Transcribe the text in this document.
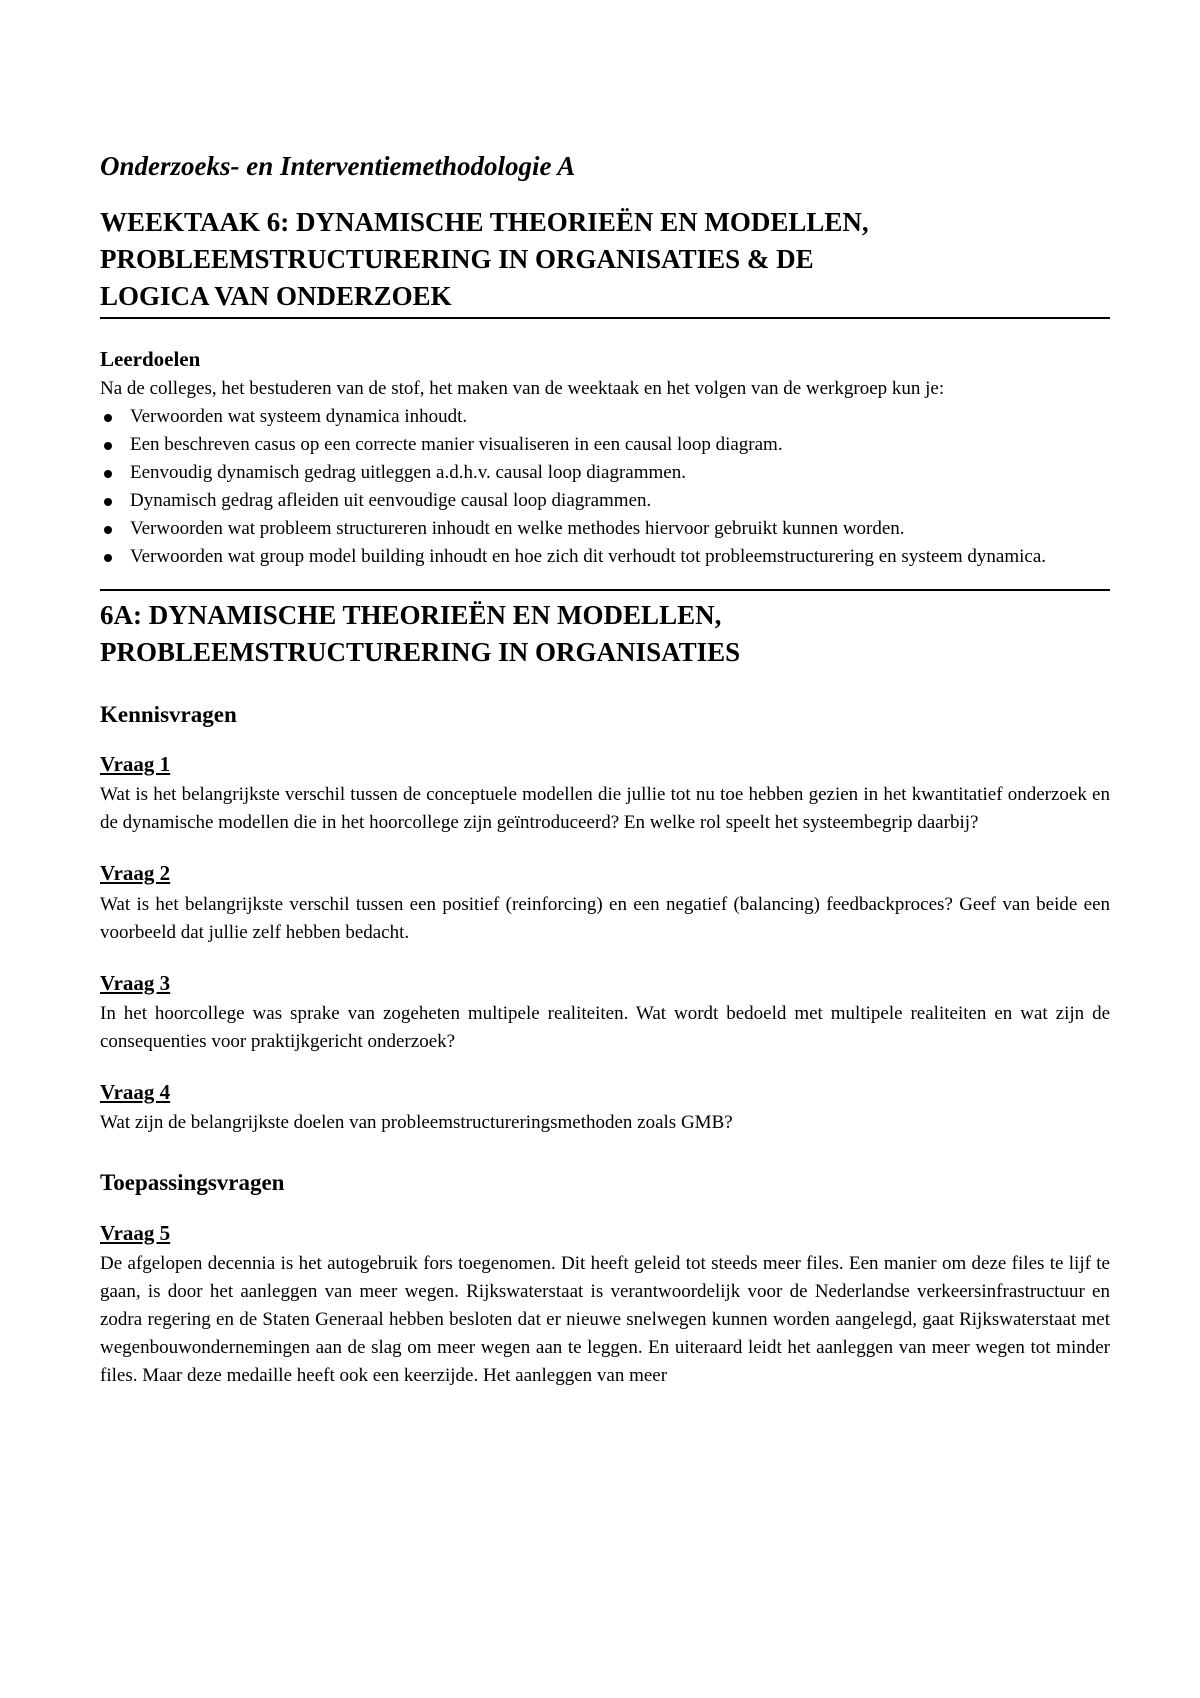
Onderzoeks- en Interventiemethodologie A

WEEKTAAK 6: DYNAMISCHE THEORIEËN EN MODELLEN,

PROBLEEMSTRUCTURERING IN ORGANISATIES & DE

LOGICA VAN ONDERZOEK

Leerdoelen

Na de colleges, het bestuderen van de stof, het maken van de weektaak en het volgen van de werkgroep kun je:

Verwoorden wat systeem dynamica inhoudt.
Een beschreven casus op een correcte manier visualiseren in een causal loop diagram.
Eenvoudig dynamisch gedrag uitleggen a.d.h.v. causal loop diagrammen.
Dynamisch gedrag afleiden uit eenvoudige causal loop diagrammen.
Verwoorden wat probleem structureren inhoudt en welke methodes hiervoor gebruikt kunnen worden.
Verwoorden wat group model building inhoudt en hoe zich dit verhoudt tot probleemstructurering en systeem dynamica.

6A: DYNAMISCHE THEORIEËN EN MODELLEN,

PROBLEEMSTRUCTURERING IN ORGANISATIES

Kennisvragen
Vraag 1

Wat is het belangrijkste verschil tussen de conceptuele modellen die jullie tot nu toe hebben gezien in het kwantitatief onderzoek en de dynamische modellen die in het hoorcollege zijn geïntroduceerd? En welke rol speelt het systeembegrip daarbij?

Vraag 2

Wat is het belangrijkste verschil tussen een positief (reinforcing) en een negatief (balancing) feedbackproces? Geef van beide een voorbeeld dat jullie zelf hebben bedacht.

Vraag 3

In het hoorcollege was sprake van zogeheten multipele realiteiten. Wat wordt bedoeld met multipele realiteiten en wat zijn de consequenties voor praktijkgericht onderzoek?

Vraag 4

Wat zijn de belangrijkste doelen van probleemstructureringsmethoden zoals GMB?

Toepassingsvragen
Vraag 5

De afgelopen decennia is het autogebruik fors toegenomen. Dit heeft geleid tot steeds meer files. Een manier om deze files te lijf te gaan, is door het aanleggen van meer wegen. Rijkswaterstaat is verantwoordelijk voor de Nederlandse verkeersinfrastructuur en zodra regering en de Staten Generaal hebben besloten dat er nieuwe snelwegen kunnen worden aangelegd, gaat Rijkswaterstaat met wegenbouwondernemingen aan de slag om meer wegen aan te leggen. En uiteraard leidt het aanleggen van meer wegen tot minder files. Maar deze medaille heeft ook een keerzijde. Het aanleggen van meer
